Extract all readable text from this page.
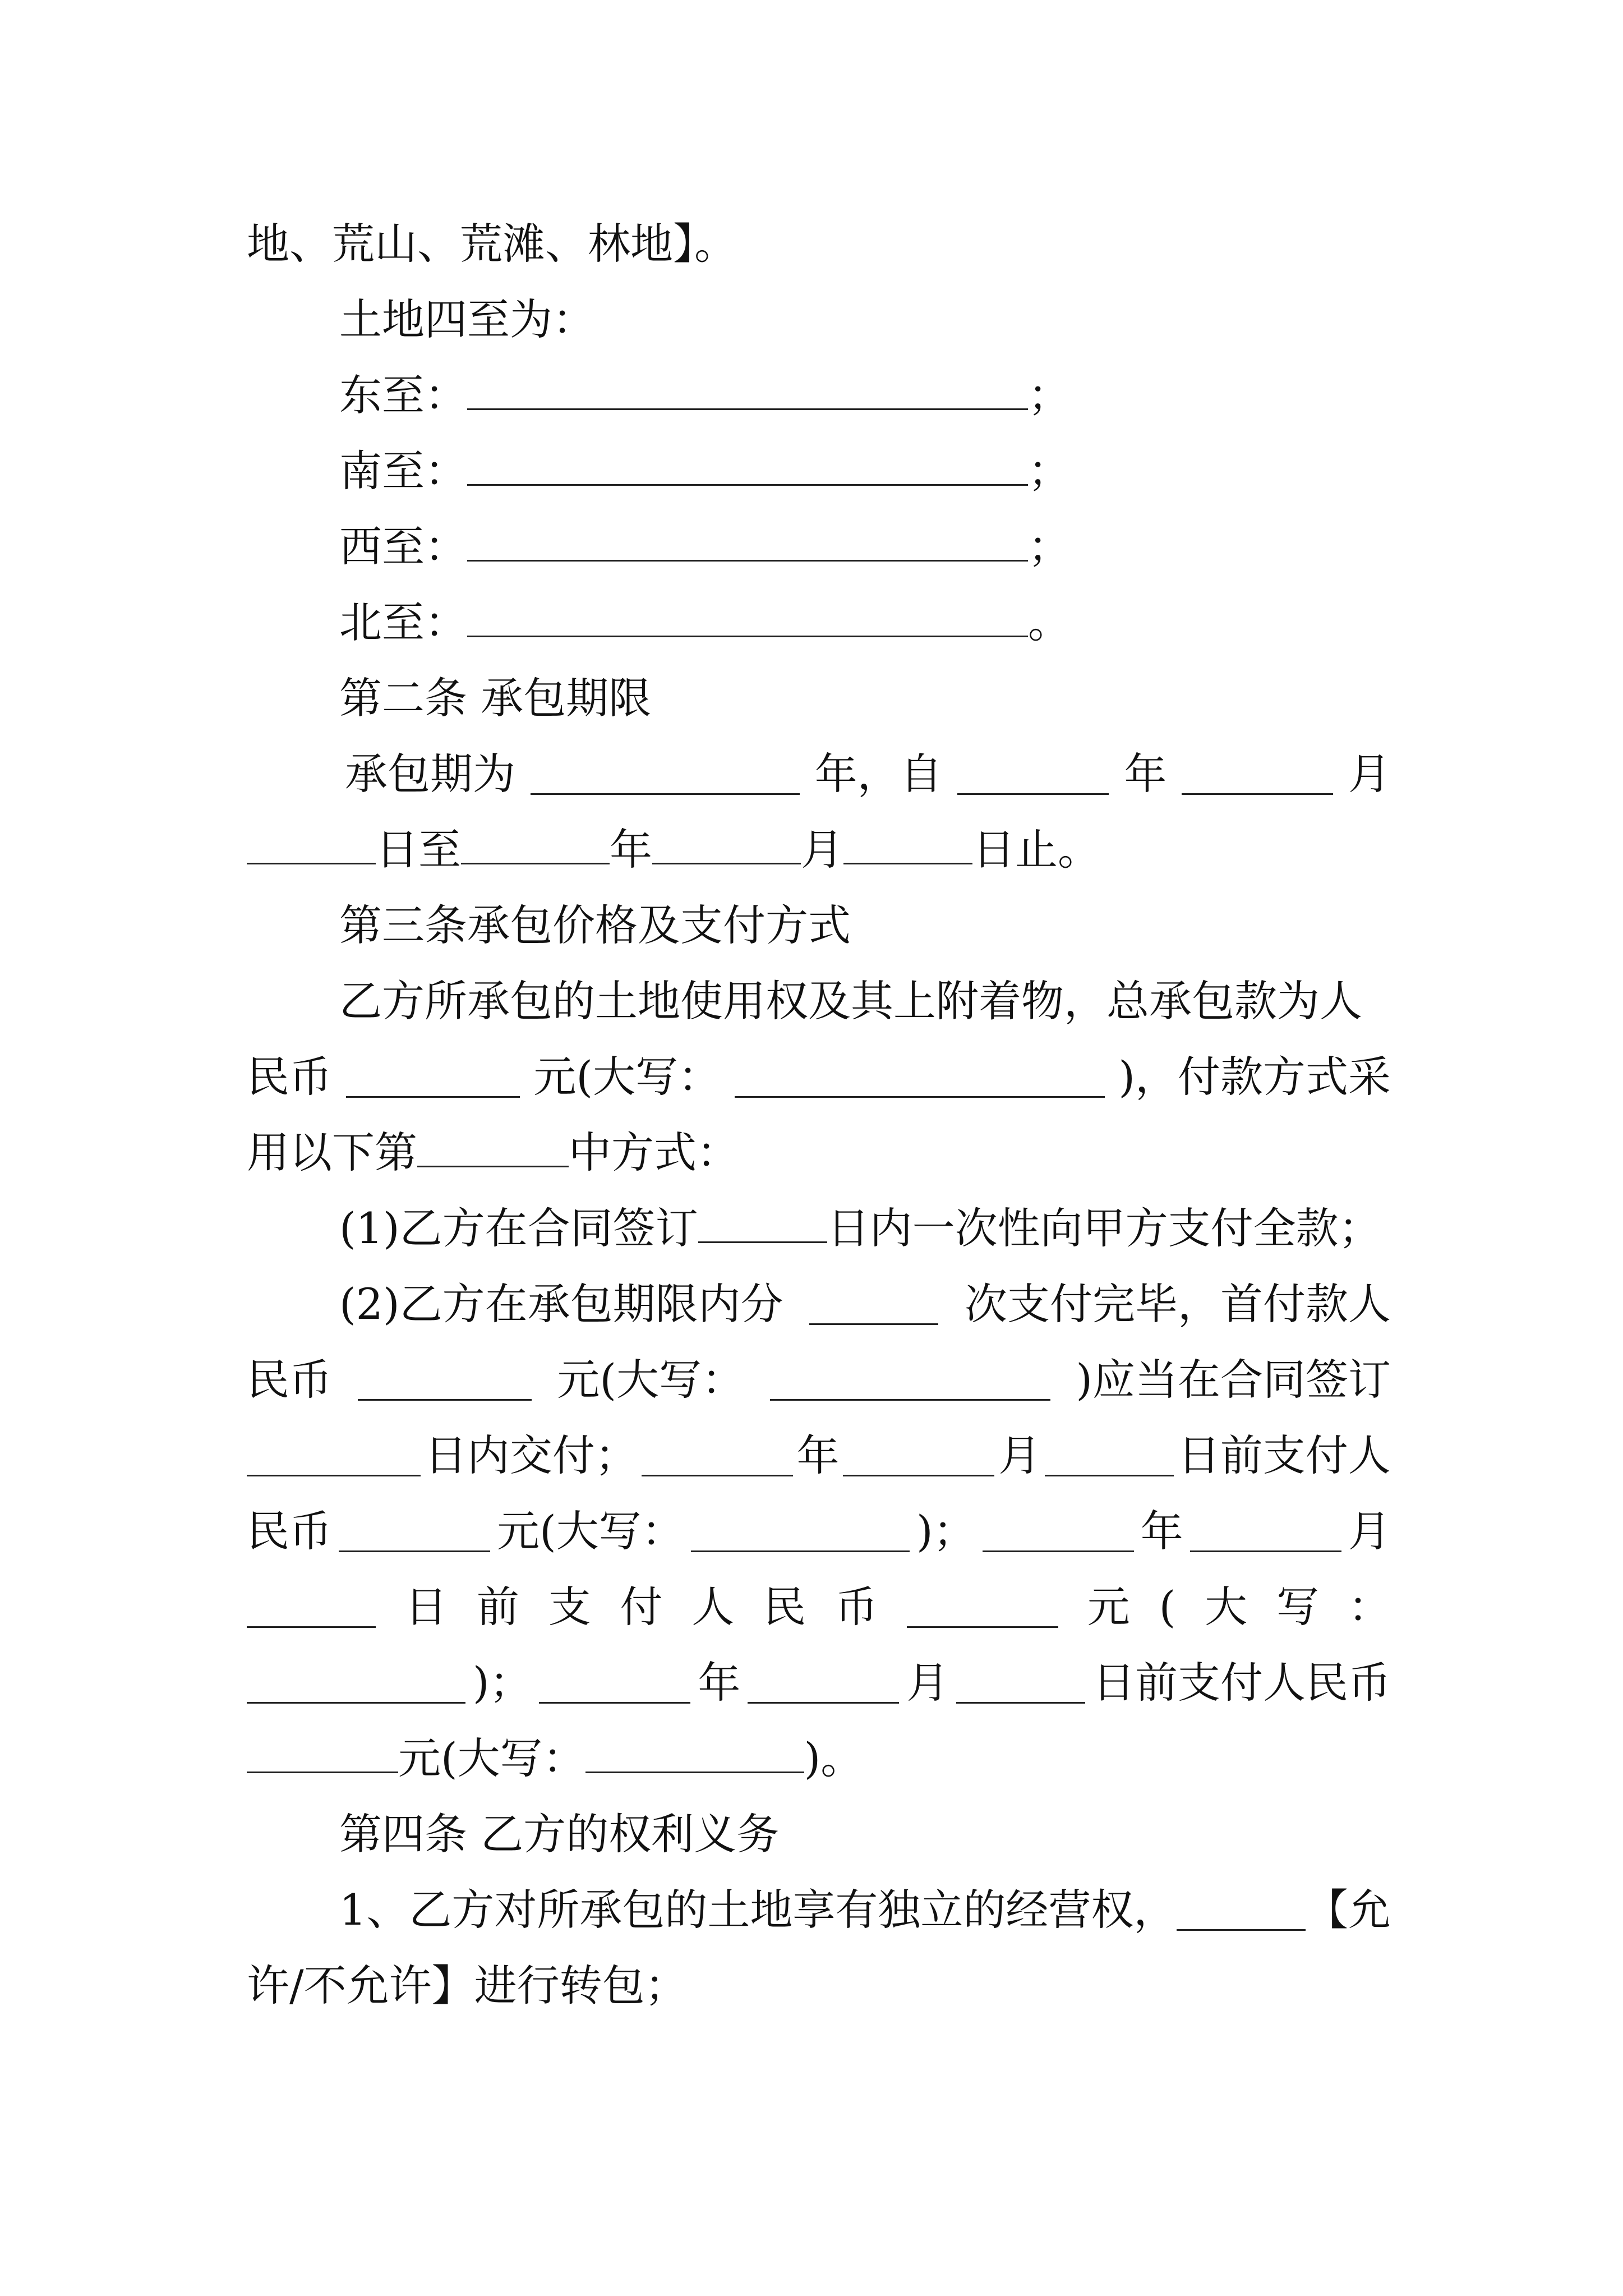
地、荒山、荒滩、林地】。
土地四至为：
东至：	；
南至：	；
西至：	；
北至：	。
第二条 承包期限
承包期为	年，自	年	月
日至	年	月	日止。
第三条承包价格及支付方式
乙方所承包的土地使用权及其上附着物，总承包款为人
民币	元(大写：	)，付款方式采
用以下第	中方式：
(1)乙方在合同签订	日内一次性向甲方支付全款；
(2)乙方在承包期限内分	次支付完毕，首付款人
民币	元(大写：	)应当在合同签订
日内交付；	年	月	日前支付人
民币	元(大写：	)；	年	月
日 前 支 付 人 民 币	元 ( 大 写 ：
)；	年	月	日前支付人民币
元(大写：	)。
第四条 乙方的权利义务
1、乙方对所承包的土地享有独立的经营权，	【允
许/不允许】进行转包；
